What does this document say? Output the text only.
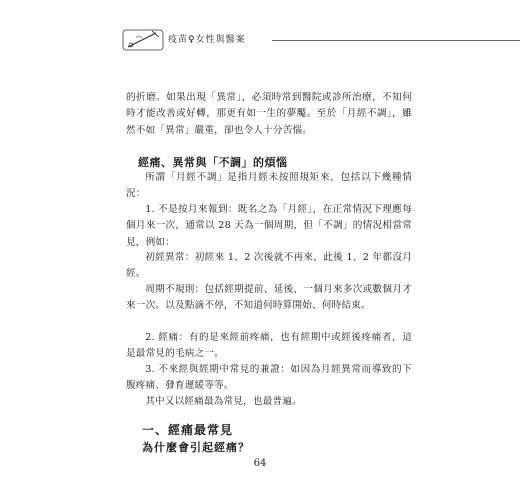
疫苗♀女性與醫案

的折磨。如果出現「異常」，必須時常到醫院或診所治療，不知何時才能改善或好轉，那更有如一生的夢魘。至於「月經不調」，雖然不如「異常」嚴重，卻也令人十分苦惱。

經痛、異常與「不調」的煩惱

所謂「月經不調」是指月經未按照規矩來，包括以下幾種情況：

1. 不是按月來報到：既名之為「月經」，在正常情況下理應每個月來一次，通常以 28 天為一個周期，但「不調」的情況相當常見，例如：

初經異常：初經來 1、2 次後就不再來，此後 1、2 年都沒月經。

周期不規則：包括經期提前、延後，一個月來多次或數個月才來一次。以及點滴不停，不知道何時算開始、何時結束。

2. 經痛：有的是來經前疼痛，也有經期中或經後疼痛者，這是最常見的毛病之一。

3. 不來經與經期中常見的兼證：如因為月經異常而導致的下腹疼痛、發育遲緩等等。

其中又以經痛最為常見，也最普遍。

一、經痛最常見

為什麼會引起經痛？

64
